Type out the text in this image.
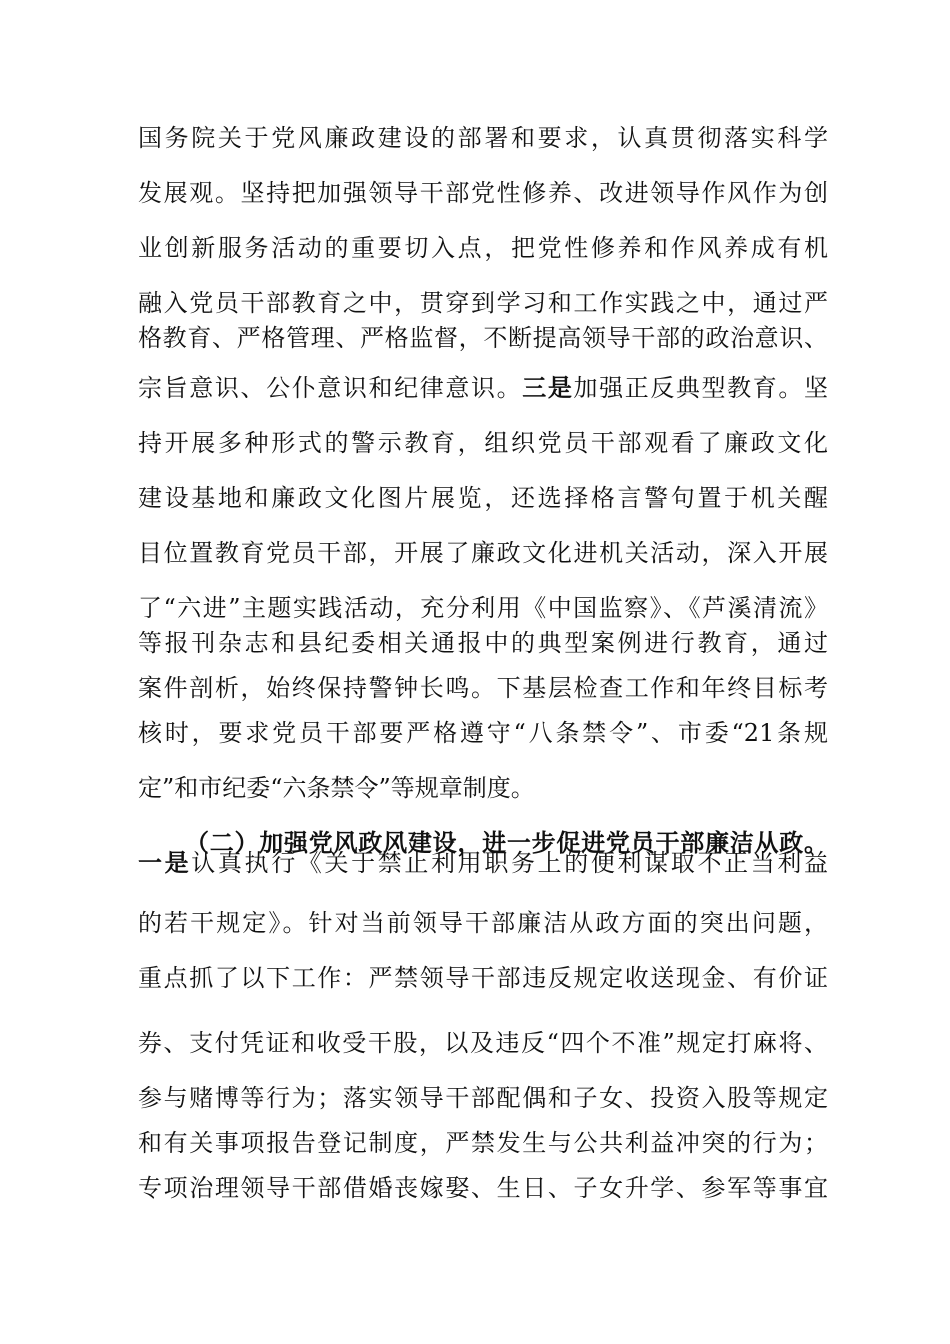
国务院关于党风廉政建设的部署和要求，认真贯彻落实科学
发展观。坚持把加强领导干部党性修养、改进领导作风作为创
业创新服务活动的重要切入点，把党性修养和作风养成有机
融入党员干部教育之中，贯穿到学习和工作实践之中，通过严
格教育、严格管理、严格监督，不断提高领导干部的政治意识、
宗旨意识、公仆意识和纪律意识。三是加强正反典型教育。坚
持开展多种形式的警示教育，组织党员干部观看了廉政文化
建设基地和廉政文化图片展览，还选择格言警句置于机关醒
目位置教育党员干部，开展了廉政文化进机关活动，深入开展
了“六进”主题实践活动，充分利用《中国监察》、《芦溪清流》
等报刊杂志和县纪委相关通报中的典型案例进行教育，通过
案件剖析，始终保持警钟长鸣。下基层检查工作和年终目标考
核时，要求党员干部要严格遵守“八条禁令”、市委“21条规
定”和市纪委“六条禁令”等规章制度。
（二）加强党风政风建设，进一步促进党员干部廉洁从政。
一是认真执行《关于禁止利用职务上的便利谋取不正当利益
的若干规定》。针对当前领导干部廉洁从政方面的突出问题，
重点抓了以下工作：严禁领导干部违反规定收送现金、有价证
券、支付凭证和收受干股，以及违反“四个不准”规定打麻将、
参与赌博等行为；落实领导干部配偶和子女、投资入股等规定
和有关事项报告登记制度，严禁发生与公共利益冲突的行为；
专项治理领导干部借婚丧嫁娶、生日、子女升学、参军等事宜
